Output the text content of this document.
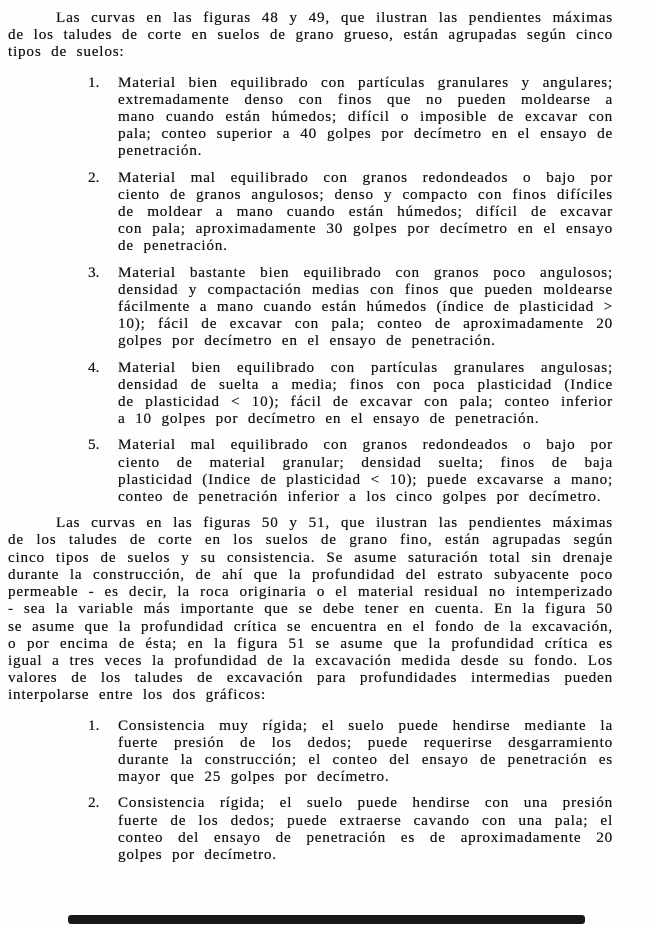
Las curvas en las figuras 48 y 49, que ilustran las pendientes máximas de los taludes de corte en suelos de grano grueso, están agrupadas según cinco tipos de suelos:

1. Material bien equilibrado con partículas granulares y angulares; extremadamente denso con finos que no pueden moldearse a mano cuando están húmedos; difícil o imposible de excavar con pala; conteo superior a 40 golpes por decímetro en el ensayo de penetración.
2. Material mal equilibrado con granos redondeados o bajo por ciento de granos angulosos; denso y compacto con finos difíciles de moldear a mano cuando están húmedos; difícil de excavar con pala; aproximadamente 30 golpes por decímetro en el ensayo de penetración.
3. Material bastante bien equilibrado con granos poco angulosos; densidad y compactación medias con finos que pueden moldearse fácilmente a mano cuando están húmedos (índice de plasticidad > 10); fácil de excavar con pala; conteo de aproximadamente 20 golpes por decímetro en el ensayo de penetración.
4. Material bien equilibrado con partículas granulares angulosas; densidad de suelta a media; finos con poca plasticidad (Indice de plasticidad < 10); fácil de excavar con pala; conteo inferior a 10 golpes por decímetro en el ensayo de penetración.
5. Material mal equilibrado con granos redondeados o bajo por ciento de material granular; densidad suelta; finos de baja plasticidad (Indice de plasticidad < 10); puede excavarse a mano; conteo de penetración inferior a los cinco golpes por decímetro.

Las curvas en las figuras 50 y 51, que ilustran las pendientes máximas de los taludes de corte en los suelos de grano fino, están agrupadas según cinco tipos de suelos y su consistencia. Se asume saturación total sin drenaje durante la construcción, de ahí que la profundidad del estrato subyacente poco permeable - es decir, la roca originaria o el material residual no intemperizado - sea la variable más importante que se debe tener en cuenta. En la figura 50 se asume que la profundidad crítica se encuentra en el fondo de la excavación, o por encima de ésta; en la figura 51 se asume que la profundidad crítica es igual a tres veces la profundidad de la excavación medida desde su fondo. Los valores de los taludes de excavación para profundidades intermedias pueden interpolarse entre los dos gráficos:

1. Consistencia muy rígida; el suelo puede hendirse mediante la fuerte presión de los dedos; puede requerirse desgarramiento durante la construcción; el conteo del ensayo de penetración es mayor que 25 golpes por decímetro.
2. Consistencia rígida; el suelo puede hendirse con una presión fuerte de los dedos; puede extraerse cavando con una pala; el conteo del ensayo de penetración es de aproximadamente 20 golpes por decímetro.
